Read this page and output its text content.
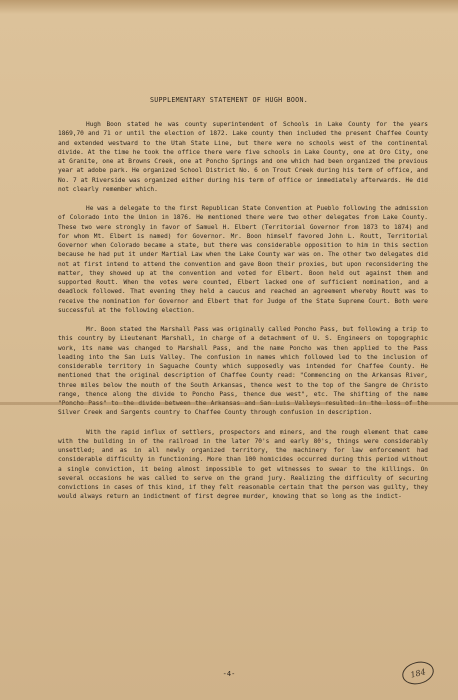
SUPPLEMENTARY STATEMENT OF HUGH BOON.

Hugh Boon stated he was county superintendent of Schools in Lake County for the years 1869,70 and 71 or until the election of 1872. Lake county then included the present Chaffee County and extended westward to the Utah State Line, but there were no schools west of the continental divide. At the time he took the office there were five schools in Lake County, one at Oro City, one at Granite, one at Browns Creek, one at Poncho Springs and one which had been organized the previous year at adobe park. He organized School District No. 6 on Trout Creek during his term of office, and No. 7 at Riverside was organized either during his term of office or immediately afterwards. He did not clearly remember which.

He was a delegate to the first Republican State Convention at Pueblo following the admission of Colorado into the Union in 1876. He mentioned there were two other delegates from Lake County. These two were strongly in favor of Samuel H. Elbert (Territorial Governor from 1873 to 1874) and for whom Mt. Elbert is named) for Governor. Mr. Boon himself favored John L. Routt, Territorial Governor when Colorado became a state, but there was considerable opposition to him in this section because he had put it under Martial Law when the Lake County war was on. The other two delegates did not at first intend to attend the convention and gave Boon their proxies, but upon reconsidering the matter, they showed up at the convention and voted for Elbert. Boon held out against them and supported Routt. When the votes were counted, Elbert lacked one of sufficient nomination, and a deadlock followed. That evening they held a caucus and reached an agreement whereby Routt was to receive the nomination for Governor and Elbert that for Judge of the State Supreme Court. Both were successful at the following election.

Mr. Boon stated the Marshall Pass was originally called Poncho Pass, but following a trip to this country by Lieutenant Marshall, in charge of a detachment of U. S. Engineers on topographic work, its name was changed to Marshall Pass, and the name Poncho was then applied to the Pass leading into the San Luis Valley. The confusion in names which followed led to the inclusion of considerable territory in Saguache County which supposedly was intended for Chaffee County. He mentioned that the original description of Chaffee County read: "Commencing on the Arkansas River, three miles below the mouth of the South Arkansas, thence west to the top of the Sangre de Christo range, thence along the divide to Poncho Pass, thence due west", etc. The shifting of the name "Poncho Pass" to the divide between the Arkansas and San Luis Valleys resulted in the loss of the Silver Creek and Sargents country to Chaffee County through confusion in description.

With the rapid influx of settlers, prospectors and miners, and the rough element that came with the building in of the railroad in the later 70's and early 80's, things were considerably unsettled; and as in all newly organized territory, the machinery for law enforcement had considerable difficulty in functioning. More than 100 homicides occurred during this period without a single conviction, it being almost impossible to get witnesses to swear to the killings. On several occasions he was called to serve on the grand jury. Realizing the difficulty of securing convictions in cases of this kind, if they felt reasonable certain that the person was guilty, they would always return an indictment of first degree murder, knowing that so long as the indict-

-4-	184
